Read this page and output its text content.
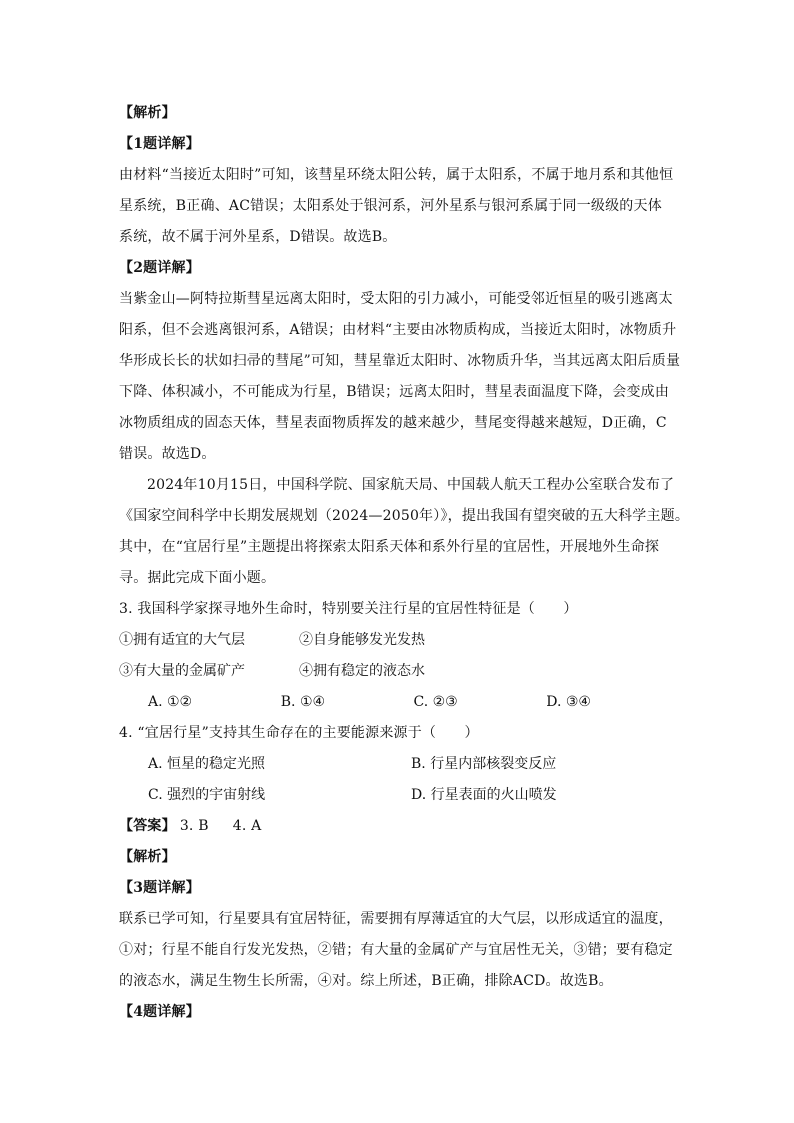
【解析】
【1题详解】
由材料“当接近太阳时”可知，该彗星环绕太阳公转，属于太阳系，不属于地月系和其他恒
星系统，B正确、AC错误；太阳系处于银河系，河外星系与银河系属于同一级级的天体
系统，故不属于河外星系，D错误。故选B。
【2题详解】
当紫金山—阿特拉斯彗星远离太阳时，受太阳的引力减小，可能受邻近恒星的吸引逃离太
阳系，但不会逃离银河系，A错误；由材料“主要由冰物质构成，当接近太阳时，冰物质升
华形成长长的状如扫帚的彗尾”可知，彗星靠近太阳时、冰物质升华，当其远离太阳后质量
下降、体积减小，不可能成为行星，B错误；远离太阳时，彗星表面温度下降，会变成由
冰物质组成的固态天体，彗星表面物质挥发的越来越少，彗尾变得越来越短，D正确，C
错误。故选D。
2024年10月15日，中国科学院、国家航天局、中国载人航天工程办公室联合发布了
《国家空间科学中长期发展规划（2024—2050年）》，提出我国有望突破的五大科学主题。
其中，在“宜居行星”主题提出将探索太阳系天体和系外行星的宜居性，开展地外生命探
寻。据此完成下面小题。
3. 我国科学家探寻地外生命时，特别要关注行星的宜居性特征是（　　）
①拥有适宜的大气层	②自身能够发光发热
③有大量的金属矿产	④拥有稳定的液态水
A. ①②	B. ①④	C. ②③	D. ③④
4. “宜居行星”支持其生命存在的主要能源来源于（　　）
A. 恒星的稳定光照	B. 行星内部核裂变反应
C. 强烈的宇宙射线	D. 行星表面的火山喷发
【答案】 3. B 4. A
【解析】
【3题详解】
联系已学可知，行星要具有宜居特征，需要拥有厚薄适宜的大气层，以形成适宜的温度，
①对；行星不能自行发光发热，②错；有大量的金属矿产与宜居性无关，③错；要有稳定
的液态水，满足生物生长所需，④对。综上所述，B正确，排除ACD。故选B。
【4题详解】
